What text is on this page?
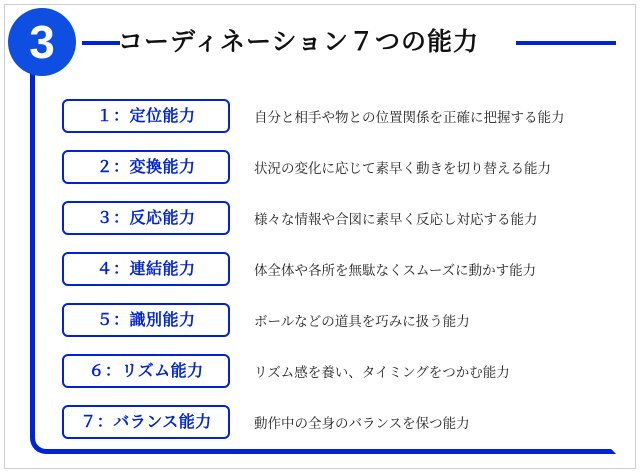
3	コーディネーション７つの能力
１：定位能力	自分と相手や物との位置関係を正確に把握する能力
２：変換能力	状況の変化に応じて素早く動きを切り替える能力
３：反応能力	様々な情報や合図に素早く反応し対応する能力
４：連結能力	体全体や各所を無駄なくスムーズに動かす能力
５：識別能力	ボールなどの道具を巧みに扱う能力
６：リズム能力	リズム感を養い、タイミングをつかむ能力
７：バランス能力	動作中の全身のバランスを保つ能力
